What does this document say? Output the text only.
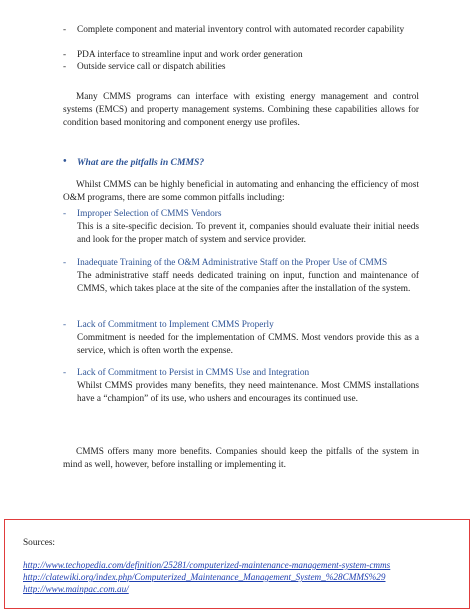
- Complete component and material inventory control with automated recorder capability
- PDA interface to streamline input and work order generation
- Outside service call or dispatch abilities
Many CMMS programs can interface with existing energy management and control systems (EMCS) and property management systems. Combining these capabilities allows for condition based monitoring and component energy use profiles.
• What are the pitfalls in CMMS?
Whilst CMMS can be highly beneficial in automating and enhancing the efficiency of most O&M programs, there are some common pitfalls including:
- Improper Selection of CMMS Vendors
This is a site-specific decision. To prevent it, companies should evaluate their initial needs and look for the proper match of system and service provider.
- Inadequate Training of the O&M Administrative Staff on the Proper Use of CMMS
The administrative staff needs dedicated training on input, function and maintenance of CMMS, which takes place at the site of the companies after the installation of the system.
- Lack of Commitment to Implement CMMS Properly
Commitment is needed for the implementation of CMMS. Most vendors provide this as a service, which is often worth the expense.
- Lack of Commitment to Persist in CMMS Use and Integration
Whilst CMMS provides many benefits, they need maintenance. Most CMMS installations have a “champion” of its use, who ushers and encourages its continued use.
CMMS offers many more benefits. Companies should keep the pitfalls of the system in mind as well, however, before installing or implementing it.
Sources:
http://www.techopedia.com/definition/25281/computerized-maintenance-management-system-cmms
http://clatewiki.org/index.php/Computerized_Maintenance_Management_System_%28CMMS%29
http://www.mainpac.com.au/
